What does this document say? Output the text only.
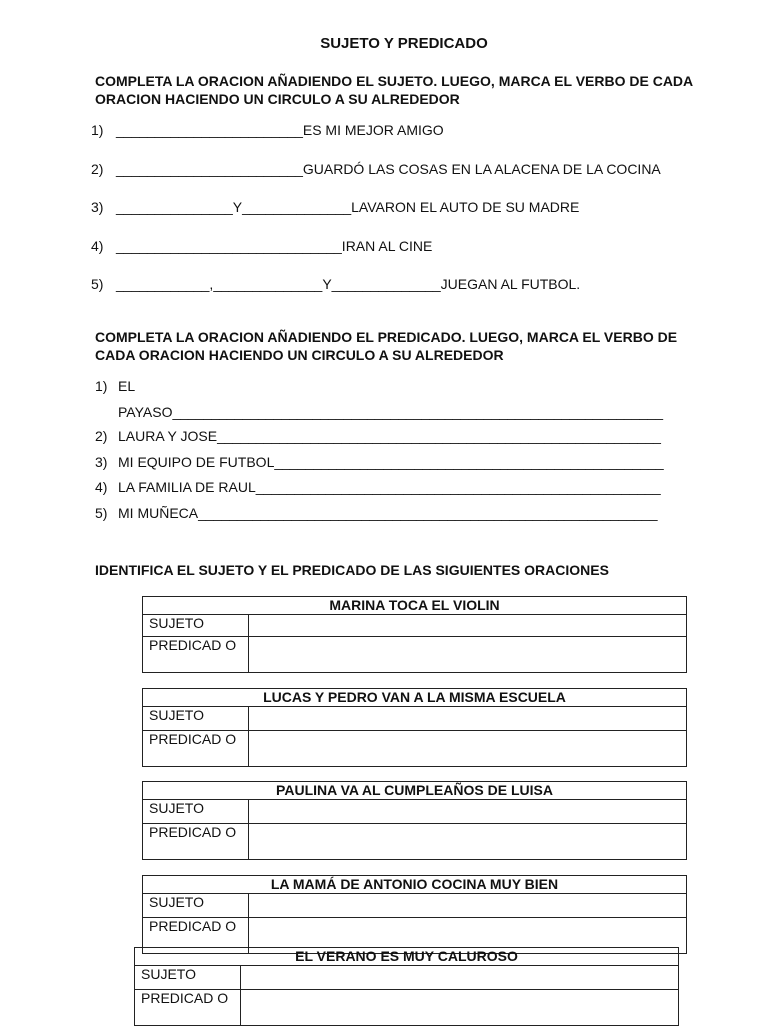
SUJETO Y PREDICADO
COMPLETA LA ORACION AÑADIENDO EL SUJETO. LUEGO, MARCA EL VERBO DE CADA ORACION HACIENDO UN CIRCULO A SU ALREDEDOR
1) ________________________ES MI MEJOR AMIGO
2) ________________________GUARDÓ LAS COSAS EN LA ALACENA DE LA COCINA
3) _______________Y______________LAVARON EL AUTO DE SU MADRE
4) _____________________________IRAN AL CINE
5) ____________,______________Y______________JUEGAN AL FUTBOL.
COMPLETA LA ORACION AÑADIENDO EL PREDICADO. LUEGO, MARCA EL VERBO DE CADA ORACION HACIENDO UN CIRCULO A SU ALREDEDOR
1) EL
PAYASO_______________________________________________________________
2) LAURA Y JOSE_________________________________________________________
3) MI EQUIPO DE FUTBOL__________________________________________________
4) LA FAMILIA DE RAUL____________________________________________________
5) MI MUÑECA___________________________________________________________
IDENTIFICA EL SUJETO Y EL PREDICADO DE LAS SIGUIENTES ORACIONES
MARINA TOCA EL VIOLIN	
SUJETO	
PREDICAD O	
LUCAS Y PEDRO VAN A LA MISMA ESCUELA	
SUJETO	
PREDICAD O	
PAULINA VA AL CUMPLEAÑOS DE LUISA	
SUJETO	
PREDICAD O	
LA MAMÁ DE ANTONIO COCINA MUY BIEN	
SUJETO	
PREDICAD O	
EL VERANO ES MUY CALUROSO	
SUJETO	
PREDICAD O	
